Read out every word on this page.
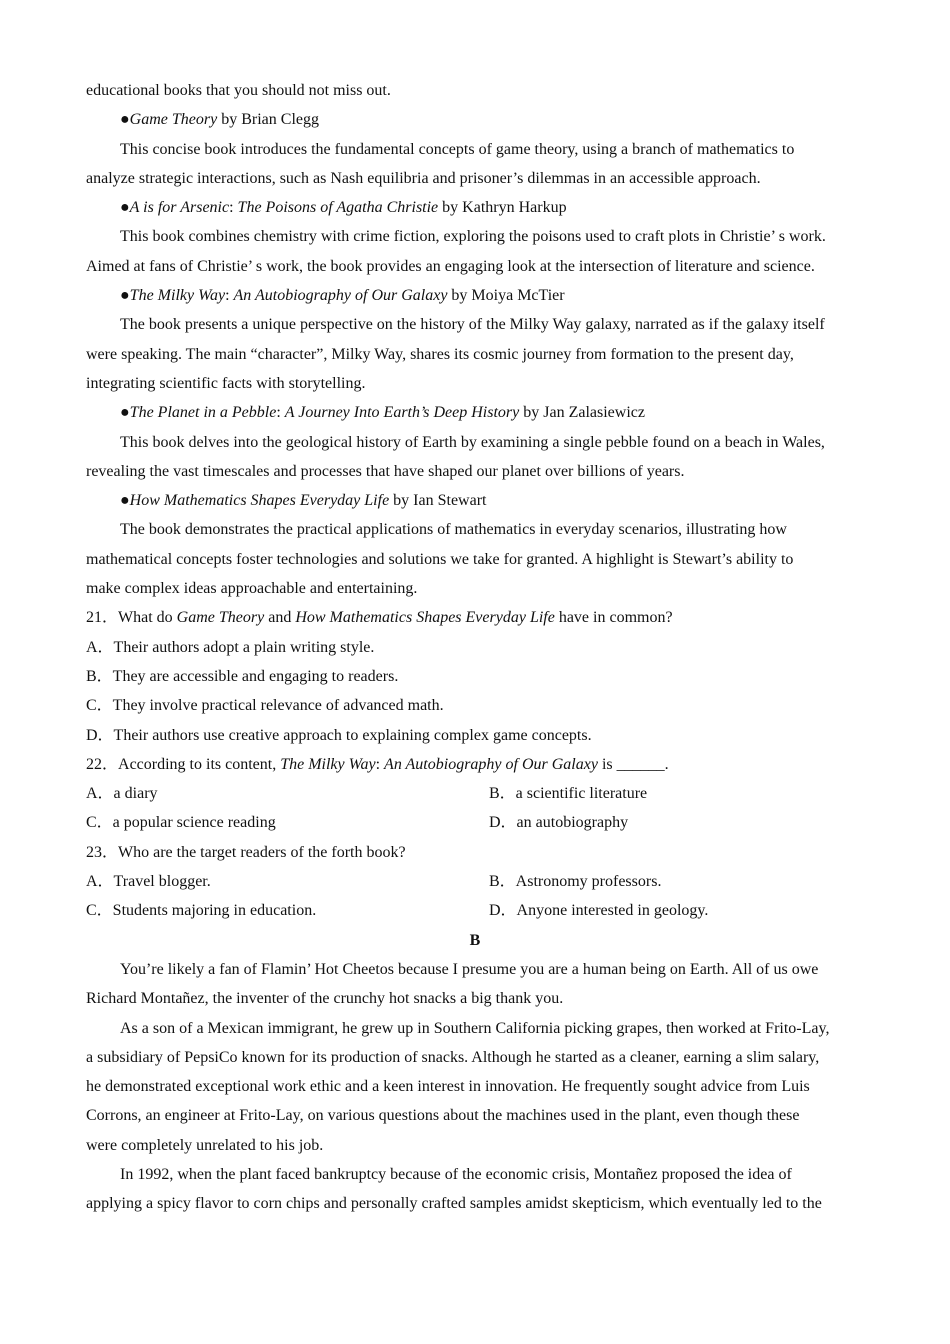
educational books that you should not miss out.
●Game Theory by Brian Clegg
This concise book introduces the fundamental concepts of game theory, using a branch of mathematics to
analyze strategic interactions, such as Nash equilibria and prisoner’s dilemmas in an accessible approach.
●A is for Arsenic: The Poisons of Agatha Christie by Kathryn Harkup
This book combines chemistry with crime fiction, exploring the poisons used to craft plots in Christie’ s work.
Aimed at fans of Christie’ s work, the book provides an engaging look at the intersection of literature and science.
●The Milky Way: An Autobiography of Our Galaxy by Moiya McTier
The book presents a unique perspective on the history of the Milky Way galaxy, narrated as if the galaxy itself
were speaking. The main “character”, Milky Way, shares its cosmic journey from formation to the present day,
integrating scientific facts with storytelling.
●The Planet in a Pebble: A Journey Into Earth’s Deep History by Jan Zalasiewicz
This book delves into the geological history of Earth by examining a single pebble found on a beach in Wales,
revealing the vast timescales and processes that have shaped our planet over billions of years.
●How Mathematics Shapes Everyday Life by Ian Stewart
The book demonstrates the practical applications of mathematics in everyday scenarios, illustrating how
mathematical concepts foster technologies and solutions we take for granted. A highlight is Stewart’s ability to
make complex ideas approachable and entertaining.
21．What do Game Theory and How Mathematics Shapes Everyday Life have in common?
A．Their authors adopt a plain writing style.
B．They are accessible and engaging to readers.
C．They involve practical relevance of advanced math.
D．Their authors use creative approach to explaining complex game concepts.
22．According to its content, The Milky Way: An Autobiography of Our Galaxy is ______.
A．a diary	B．a scientific literature
C．a popular science reading	D．an autobiography
23．Who are the target readers of the forth book?
A．Travel blogger.	B．Astronomy professors.
C．Students majoring in education.	D．Anyone interested in geology.
B
You’re likely a fan of Flamin’ Hot Cheetos because I presume you are a human being on Earth. All of us owe
Richard Montañez, the inventer of the crunchy hot snacks a big thank you.
As a son of a Mexican immigrant, he grew up in Southern California picking grapes, then worked at Frito-Lay,
a subsidiary of PepsiCo known for its production of snacks. Although he started as a cleaner, earning a slim salary,
he demonstrated exceptional work ethic and a keen interest in innovation. He frequently sought advice from Luis
Corrons, an engineer at Frito-Lay, on various questions about the machines used in the plant, even though these
were completely unrelated to his job.
In 1992, when the plant faced bankruptcy because of the economic crisis, Montañez proposed the idea of
applying a spicy flavor to corn chips and personally crafted samples amidst skepticism, which eventually led to the
